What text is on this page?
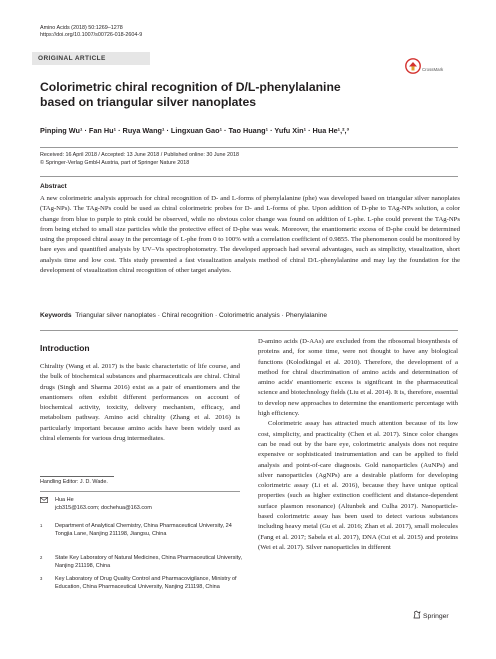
Amino Acids (2018) 50:1269–1278
https://doi.org/10.1007/s00726-018-2604-9
ORIGINAL ARTICLE
CrossMark
Colorimetric chiral recognition of D/L-phenylalanine based on triangular silver nanoplates
Pinping Wu¹ · Fan Hu¹ · Ruya Wang¹ · Lingxuan Gao¹ · Tao Huang¹ · Yufu Xin¹ · Hua He¹,²,³
Received: 16 April 2018 / Accepted: 13 June 2018 / Published online: 30 June 2018
© Springer-Verlag GmbH Austria, part of Springer Nature 2018
Abstract
A new colorimetric analysis approach for chiral recognition of D- and L-forms of phenylalanine (phe) was developed based on triangular silver nanoplates (TAg-NPs). The TAg-NPs could be used as chiral colorimetric probes for D- and L-forms of phe. Upon addition of D-phe to TAg-NPs solution, a color change from blue to purple to pink could be observed, while no obvious color change was found on addition of L-phe. L-phe could prevent the TAg-NPs from being etched to small size particles while the protective effect of D-phe was weak. Moreover, the enantiomeric excess of D-phe could be determined using the proposed chiral assay in the percentage of L-phe from 0 to 100% with a correlation coefficient of 0.9855. The phenomenon could be monitored by bare eyes and quantified analysis by UV–Vis spectrophotometry. The developed approach had several advantages, such as simplicity, visualization, short analysis time and low cost. This study presented a fast visualization analysis method of chiral D/L-phenylalanine and may lay the foundation for the development of visualization chiral recognition of other target analytes.
Keywords Triangular silver nanoplates · Chiral recognition · Colorimetric analysis · Phenylalanine
Introduction

Chirality (Wang et al. 2017) is the basic characteristic of life course, and the bulk of biochemical substances and pharmaceuticals are chiral. Chiral drugs (Singh and Sharma 2016) exist as a pair of enantiomers and the enantiomers often exhibit different performances on account of biochemical activity, toxicity, delivery mechanism, efficacy, and metabolism pathway. Amino acid chirality (Zhang et al. 2016) is particularly important because amino acids have been widely used as chiral elements for various drug intermediates.

D-amino acids (D-AAs) are excluded from the ribosomal biosynthesis of proteins and, for some time, were not thought to have any biological functions (Kolodkingal et al. 2010). Therefore, the development of a method for chiral discrimination of amino acids and determination of amino acids' enantiomeric excess is significant in the pharmaceutical science and biotechnology fields (Liu et al. 2014). It is, therefore, essential to develop new approaches to determine the enantiomeric percentage with high efficiency.

Colorimetric assay has attracted much attention because of its low cost, simplicity, and practicality (Chen et al. 2017). Since color changes can be read out by the bare eye, colorimetric analysis does not require expensive or sophisticated instrumentation and can be applied to field analysis and point-of-care diagnosis. Gold nanoparticles (AuNPs) and silver nanoparticles (AgNPs) are a desirable platform for developing colorimetric assay (Li et al. 2016), because they have unique optical properties (such as higher extinction coefficient and distance-dependent surface plasmon resonance) (Altunbek and Culha 2017). Nanoparticle-based colorimetric assay has been used to detect various substances including heavy metal (Gu et al. 2016; Zhan et al. 2017), small molecules (Fang et al. 2017; Sabela et al. 2017), DNA (Cui et al. 2015) and proteins (Wei et al. 2017). Silver nanoparticles in different

Handling Editor: J. D. Wade.
Hua He
jcb315@163.com; dochehua@163.com
1 Department of Analytical Chemistry, China Pharmaceutical University, 24 Tongjia Lane, Nanjing 211198, Jiangsu, China
2 State Key Laboratory of Natural Medicines, China Pharmaceutical University, Nanjing 211198, China
3 Key Laboratory of Drug Quality Control and Pharmacovigilance, Ministry of Education, China Pharmaceutical University, Nanjing 211198, China
Springer
